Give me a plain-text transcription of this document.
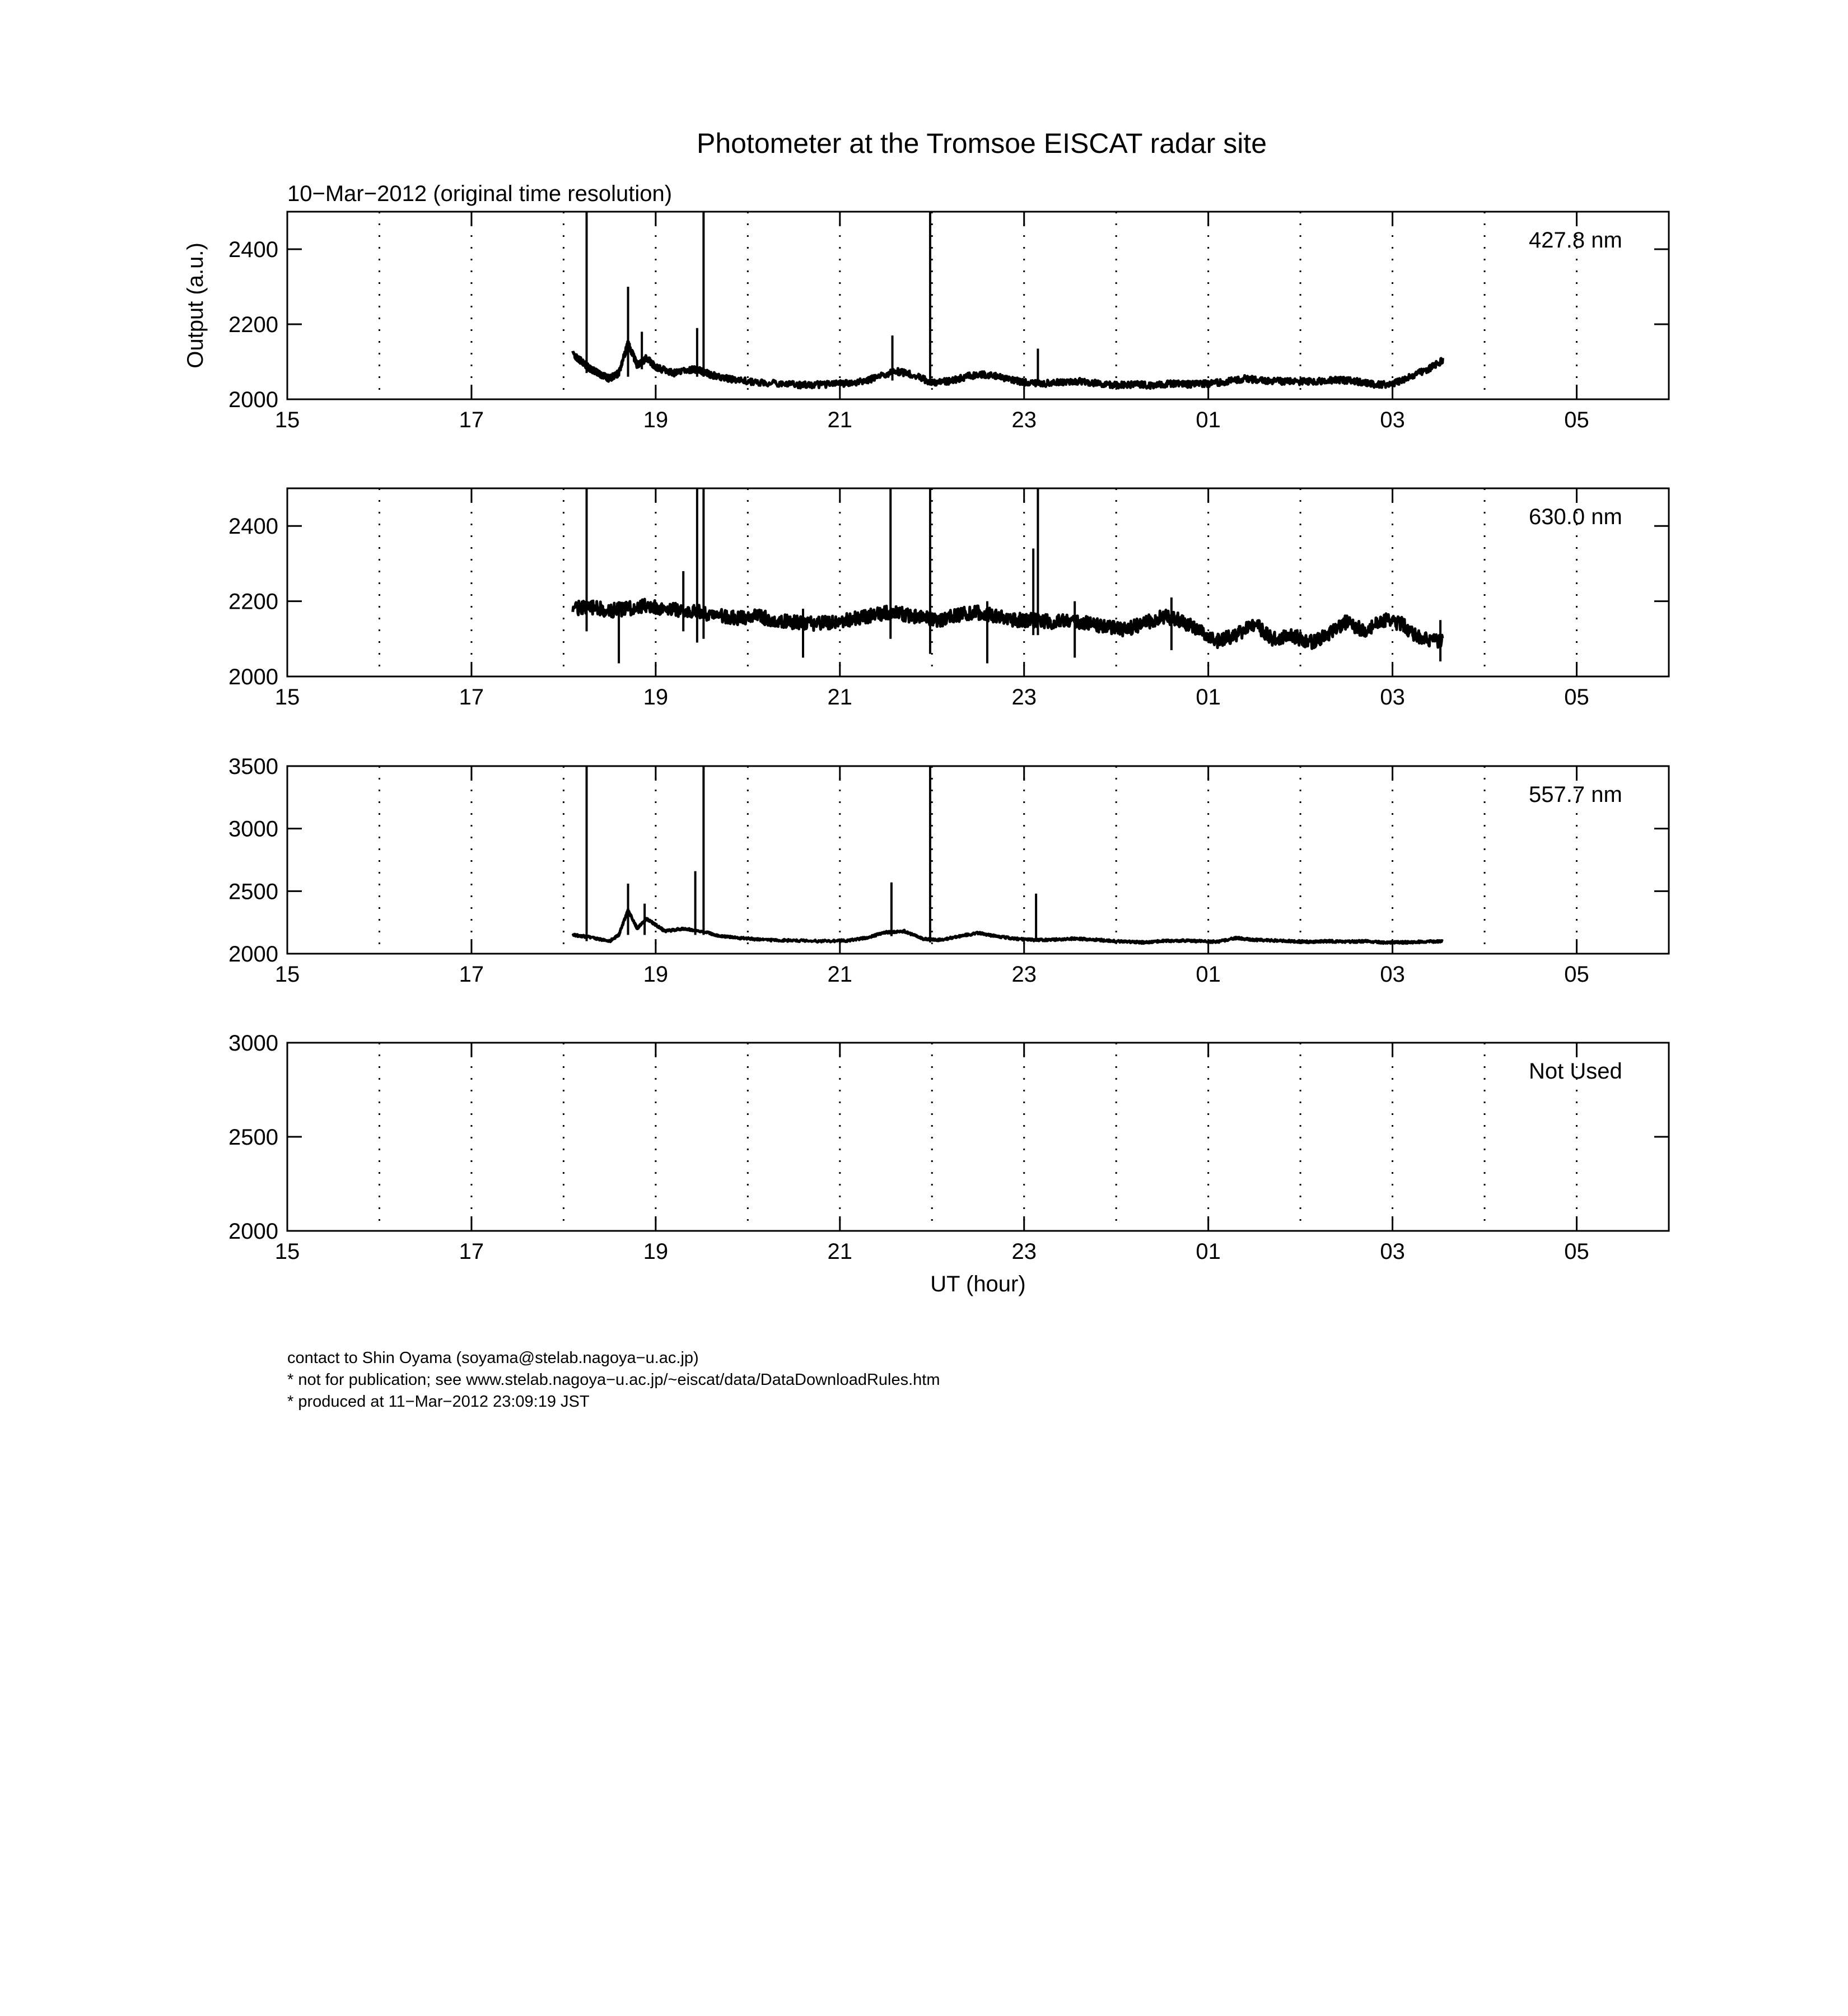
Photometer at the Tromsoe EISCAT radar site
10−Mar−2012 (original time resolution)
2000
2200
2400
15	17	19	21	23	01	03	05
427.8 nm
Output (a.u.)
2000
2200
2400
15	17	19	21	23	01	03	05
630.0 nm
2000
2500
3000
3500
15	17	19	21	23	01	03	05
557.7 nm
2000
2500
3000
15	17	19	21	23	01	03	05
Not Used
UT (hour)
contact to Shin Oyama (soyama@stelab.nagoya−u.ac.jp)
* not for publication; see www.stelab.nagoya−u.ac.jp/~eiscat/data/DataDownloadRules.htm
* produced at 11−Mar−2012 23:09:19 JST
